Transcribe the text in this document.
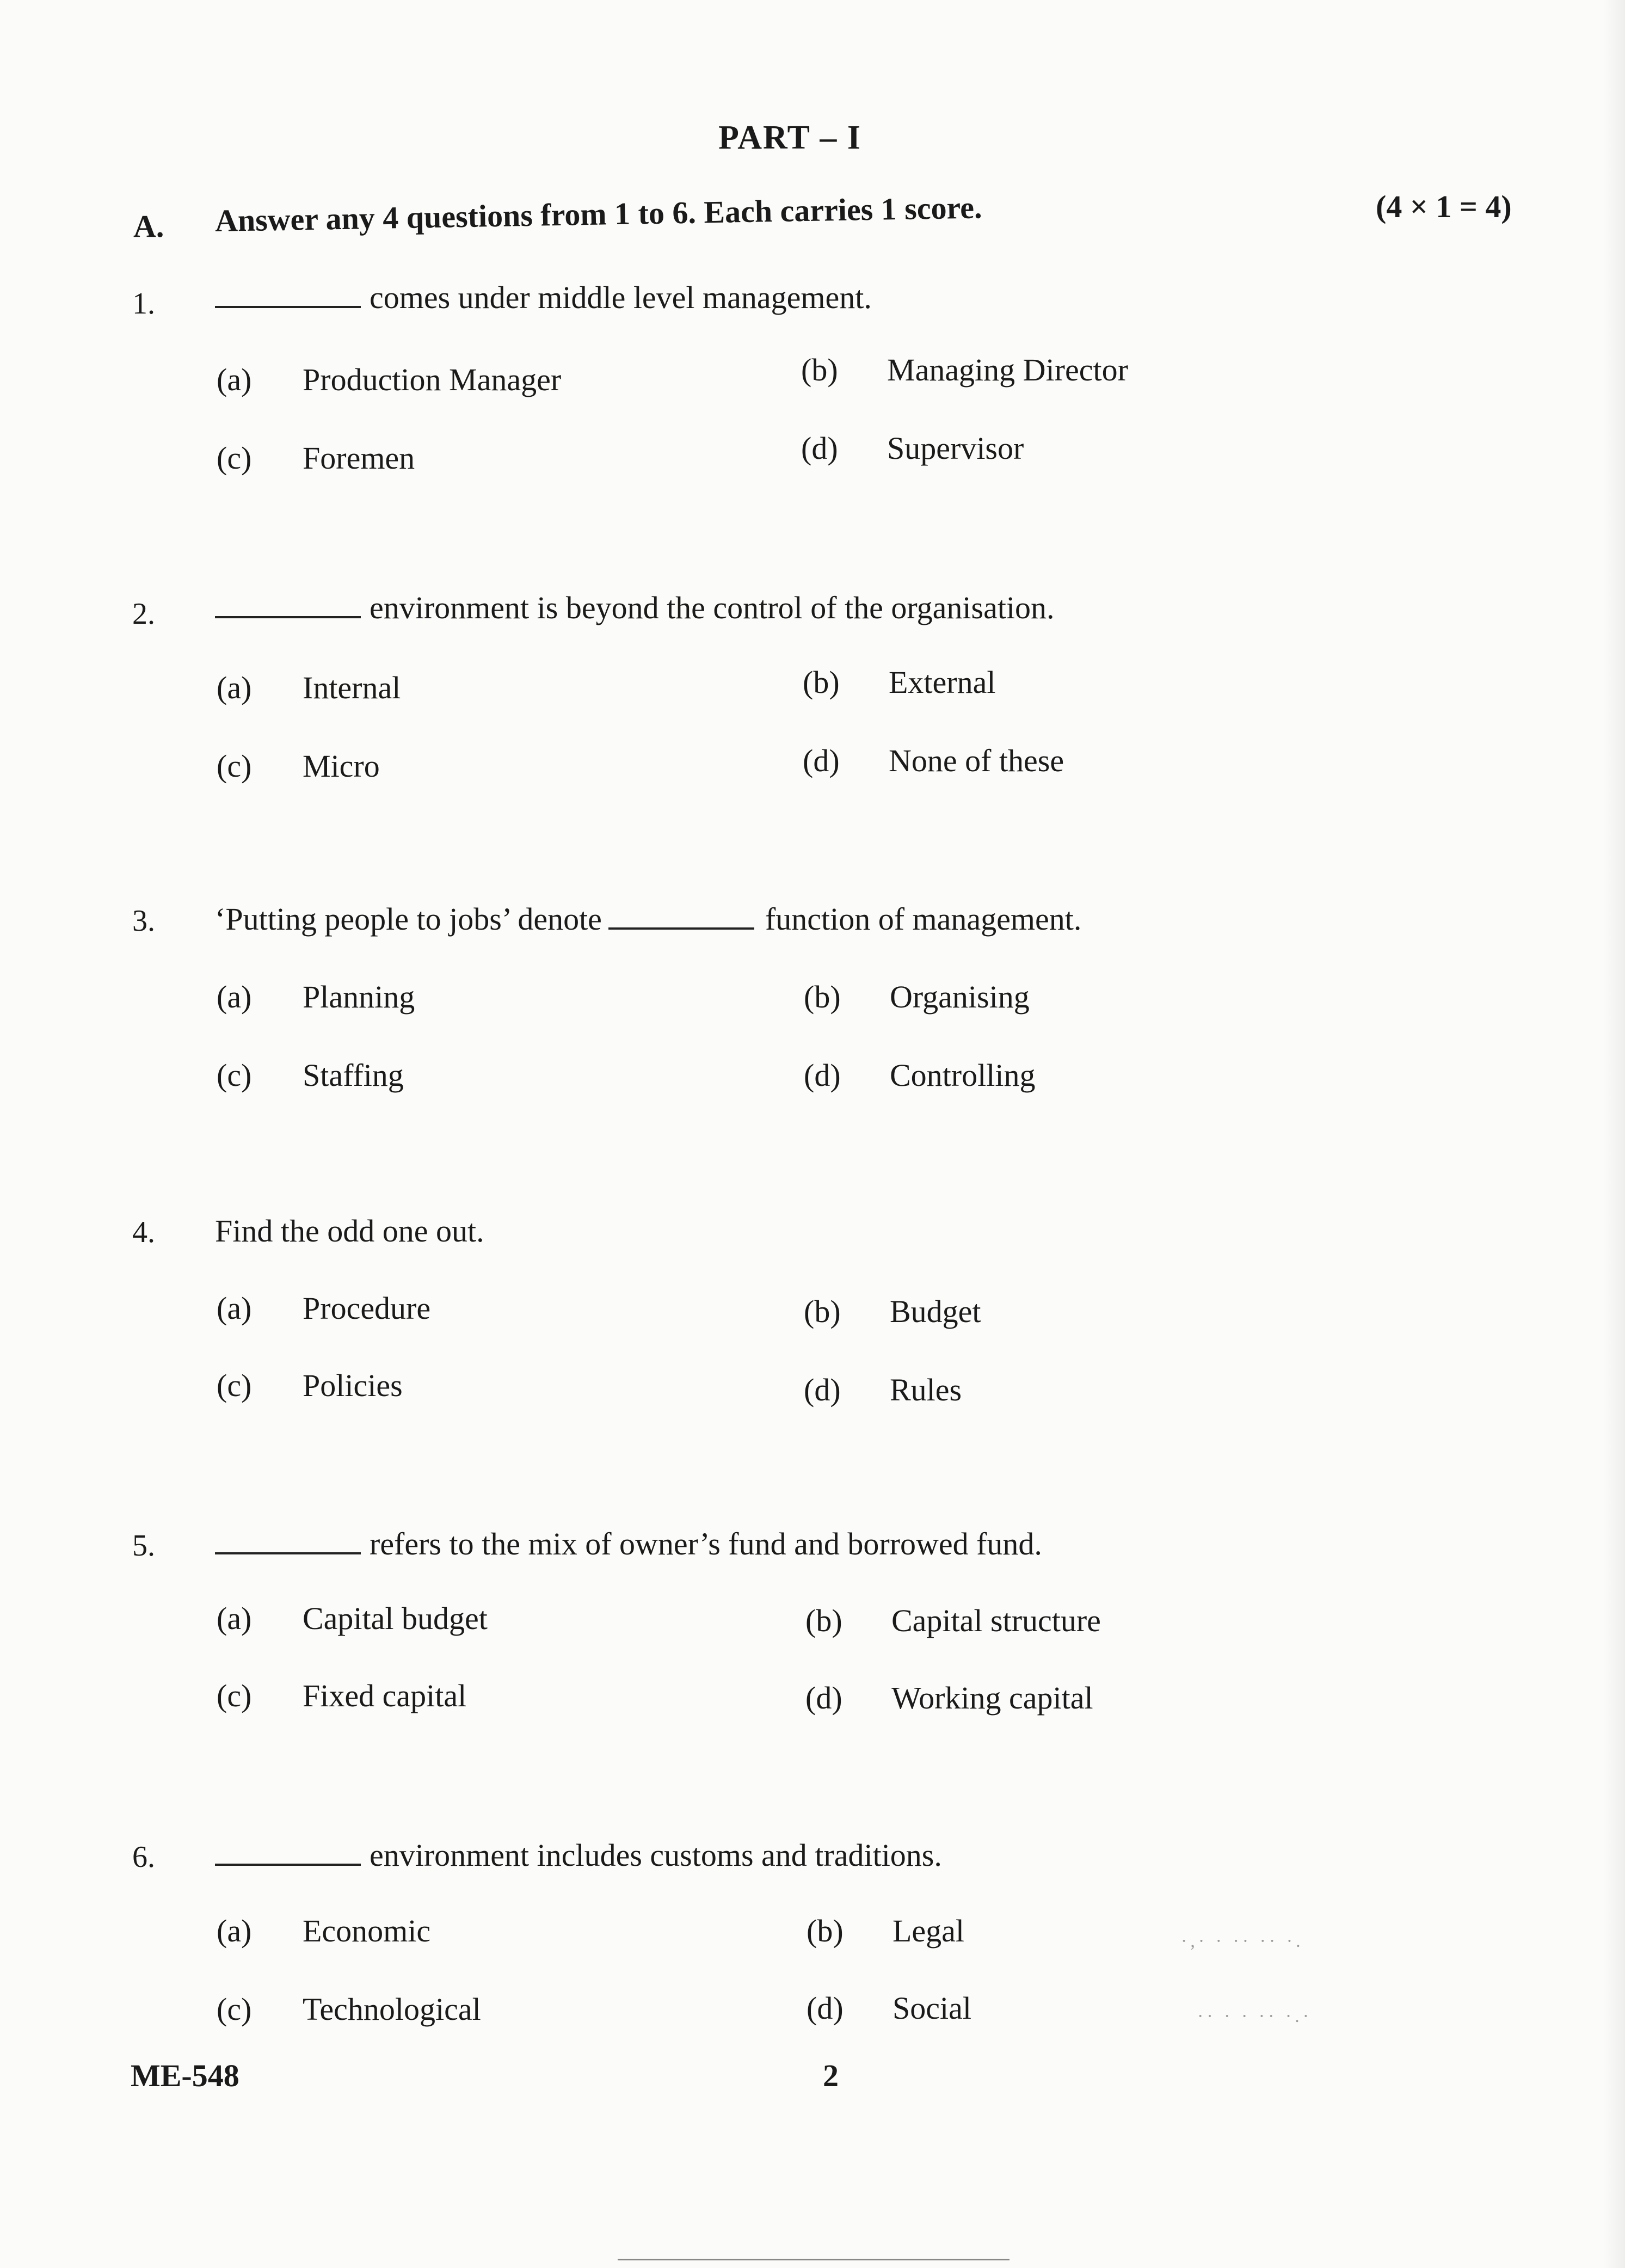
PART – I
A. Answer any 4 questions from 1 to 6. Each carries 1 score.	(4 × 1 = 4)
1.	comes under middle level management.
(a) Production Manager	(b) Managing Director
(c) Foremen	(d) Supervisor
2.	environment is beyond the control of the organisation.
(a) Internal	(b) External
(c) Micro	(d) None of these
3. ‘Putting people to jobs’ denote	function of management.
(a) Planning	(b) Organising
(c) Staffing	(d) Controlling
4. Find the odd one out.
(a) Procedure	(b) Budget
(c) Policies	(d) Rules
5.	refers to the mix of owner’s fund and borrowed fund.
(a) Capital budget	(b) Capital structure
(c) Fixed capital	(d) Working capital
6.	environment includes customs and traditions.
(a) Economic	(b) Legal
(c) Technological	(d) Social
·,· · ·· ·· ·.
·· · · ·· ·.·
ME-548	2
